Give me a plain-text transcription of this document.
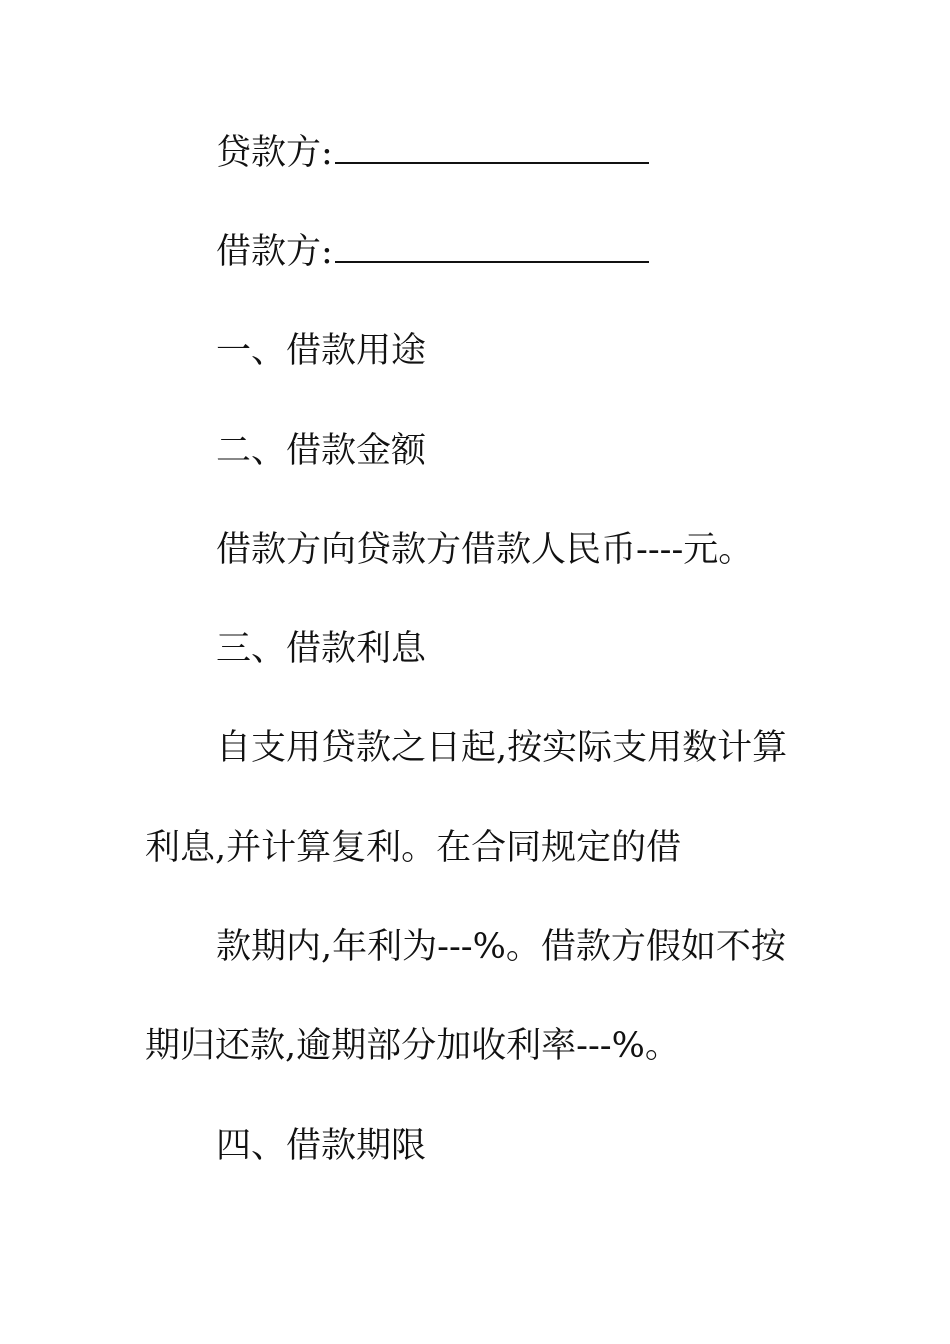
贷款方:
借款方:
一、借款用途
二、借款金额
借款方向贷款方借款人民币----元。
三、借款利息
自支用贷款之日起,按实际支用数计算
利息,并计算复利。在合同规定的借
款期内,年利为---%。借款方假如不按
期归还款,逾期部分加收利率---%。
四、借款期限
